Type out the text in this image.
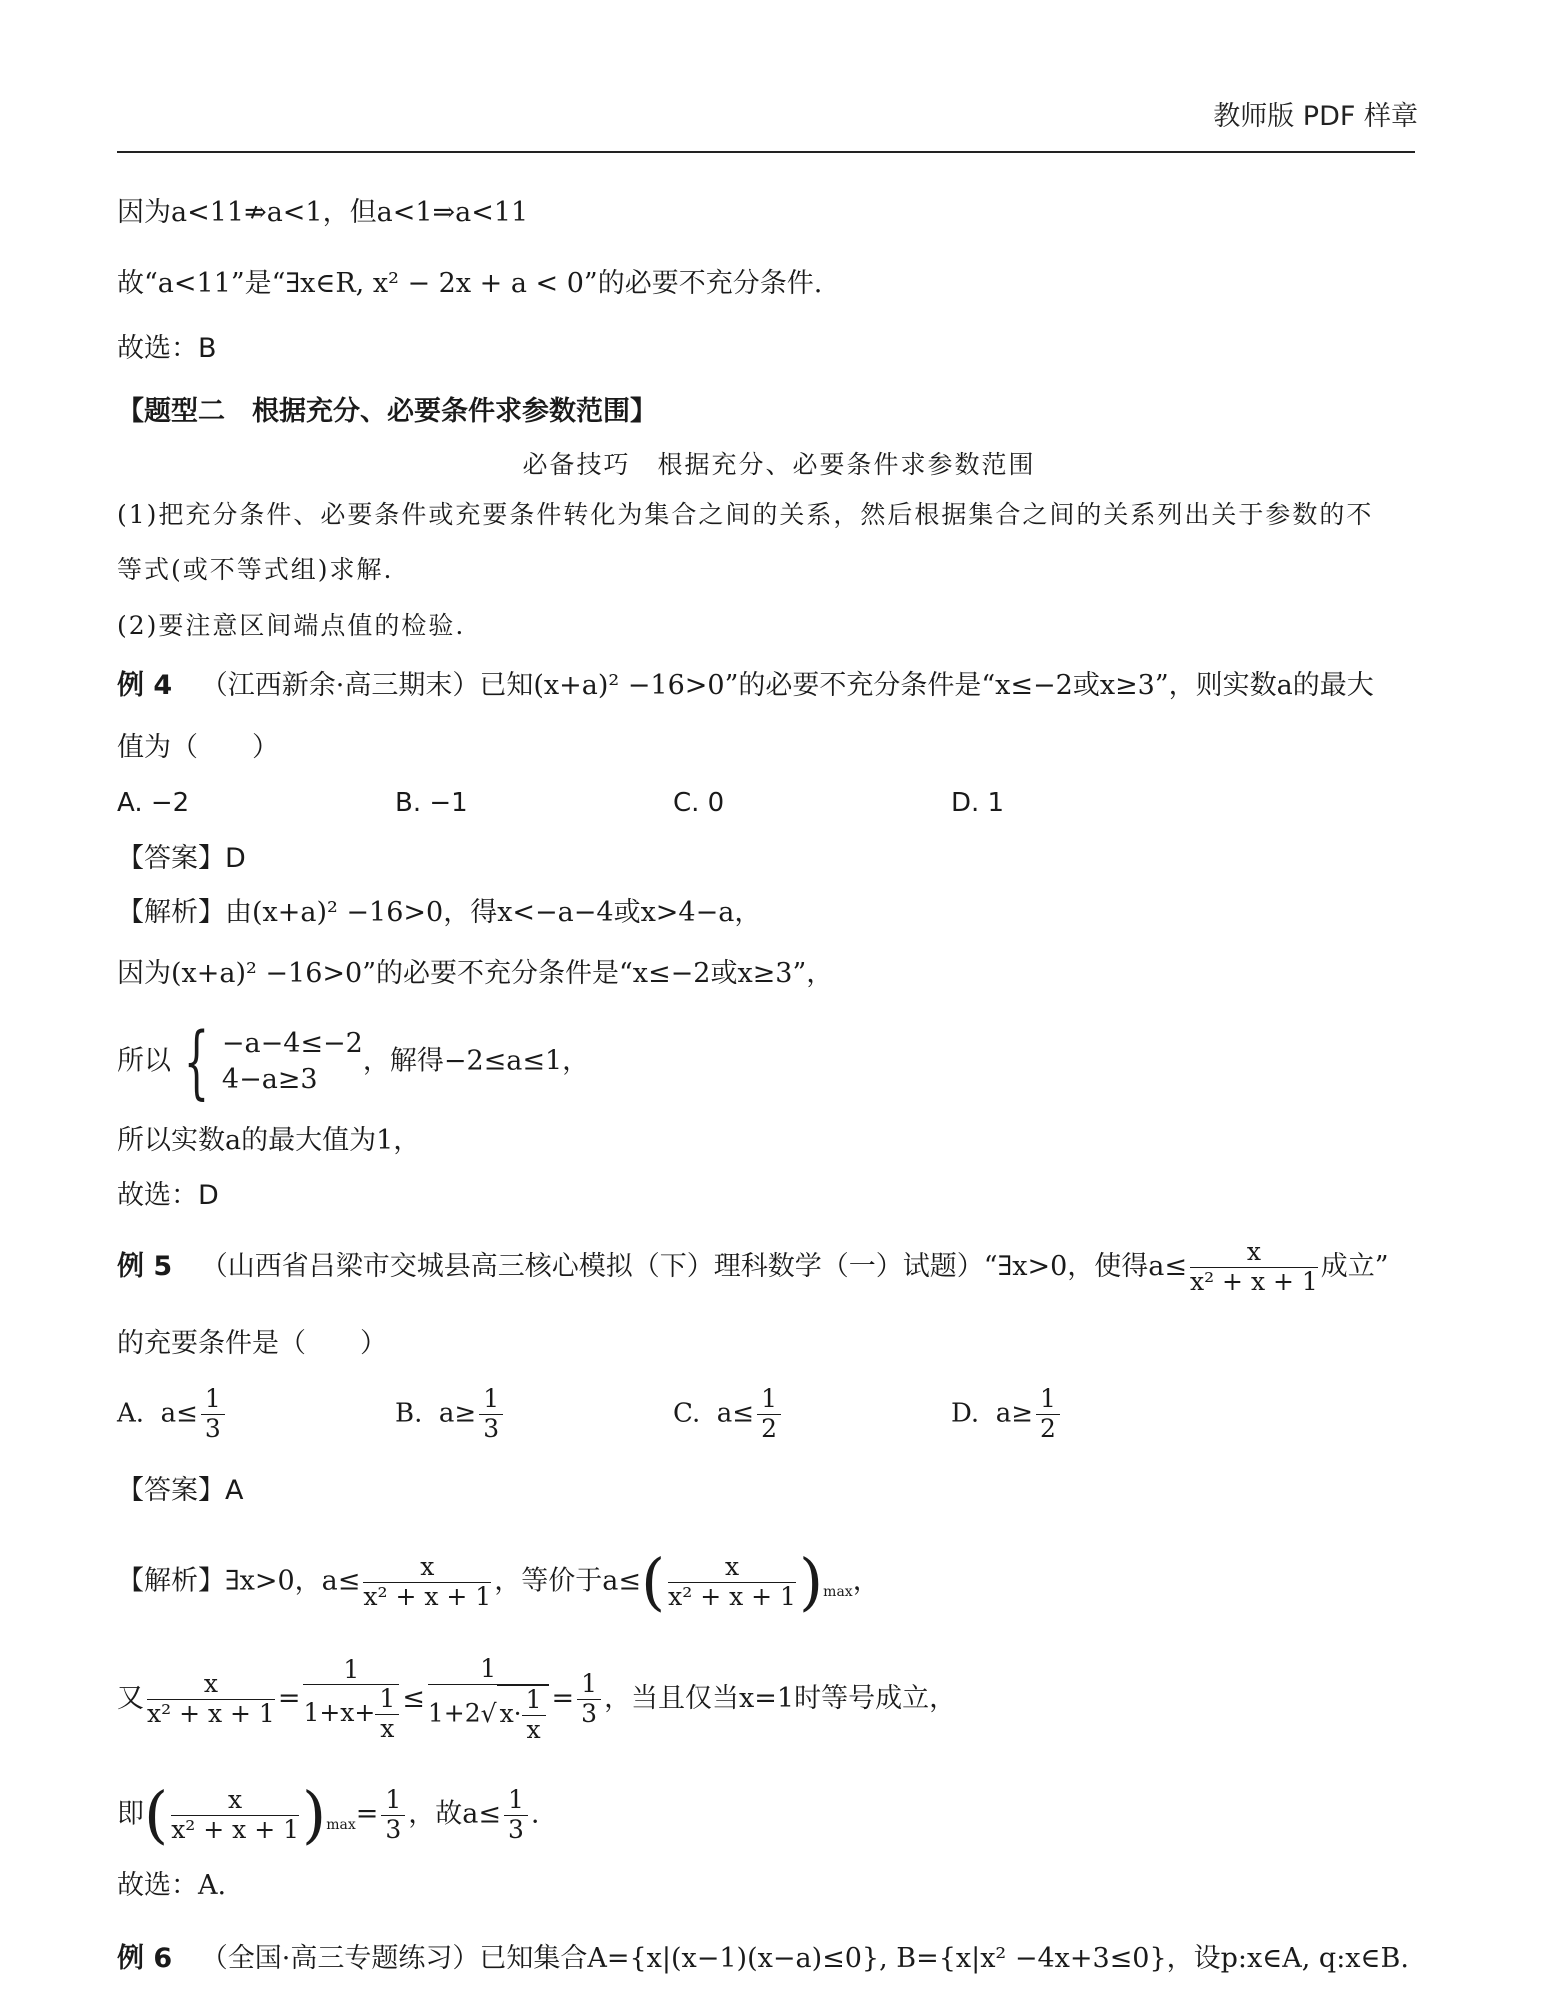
教师版 PDF 样章
因为a<11⇏a<1，但a<1⇒a<11
故“a<11”是“∃x∈R, x² − 2x + a < 0”的必要不充分条件.
故选：B
【题型二　根据充分、必要条件求参数范围】
必备技巧　根据充分、必要条件求参数范围
(1)把充分条件、必要条件或充要条件转化为集合之间的关系，然后根据集合之间的关系列出关于参数的不
等式(或不等式组)求解.
(2)要注意区间端点值的检验.
例 4 （江西新余·高三期末）已知(x+a)² −16>0”的必要不充分条件是“x≤−2或x≥3”，则实数a的最大
值为（　　）
A. −2	B. −1	C. 0	D. 1
【答案】D
【解析】由(x+a)² −16>0，得x<−a−4或x>4−a，
因为(x+a)² −16>0”的必要不充分条件是“x≤−2或x≥3”，
所以 { −a−4≤−2
4−a≥3
，解得−2≤a≤1，
所以实数a的最大值为1，
故选：D
例 5 （山西省吕梁市交城县高三核心模拟（下）理科数学（一）试题）“∃x>0，使得$a\le \frac{x}{\text{x² + x + 1}}$ 成立”
的充要条件是（　　）
A. $a\le \frac{1}{3}$	B. $a\ge \frac{1}{3}$	C. $a\le \frac{1}{2}$	D. $a\ge \frac{1}{2}$
【答案】A
【解析】∃x>0，$a\le \frac{x}{\text{x² + x + 1}}$ ，等价于$a\le( \frac{x}{\text{x² + x + 1}} )_{max}$，
又 $\frac{x}{\text{x² + x + 1}} = \frac{1}{1+x+ \frac{1}{x}} \le \frac{1}{1+2√ x\cdot \frac{1}{x}} = \frac{1}{3}$ ，当且仅当x=1时等号成立，
即( $\frac{x}{\text{x² + x + 1}} )_{max}= \frac{1}{3}$ ，故$a\le \frac{1}{3}$ .
故选：A.
例 6 （全国·高三专题练习）已知集合A={x|(x−1)(x−a)≤0}, B={x|x² −4x+3≤0}，设p:x∈A, q:x∈B.
